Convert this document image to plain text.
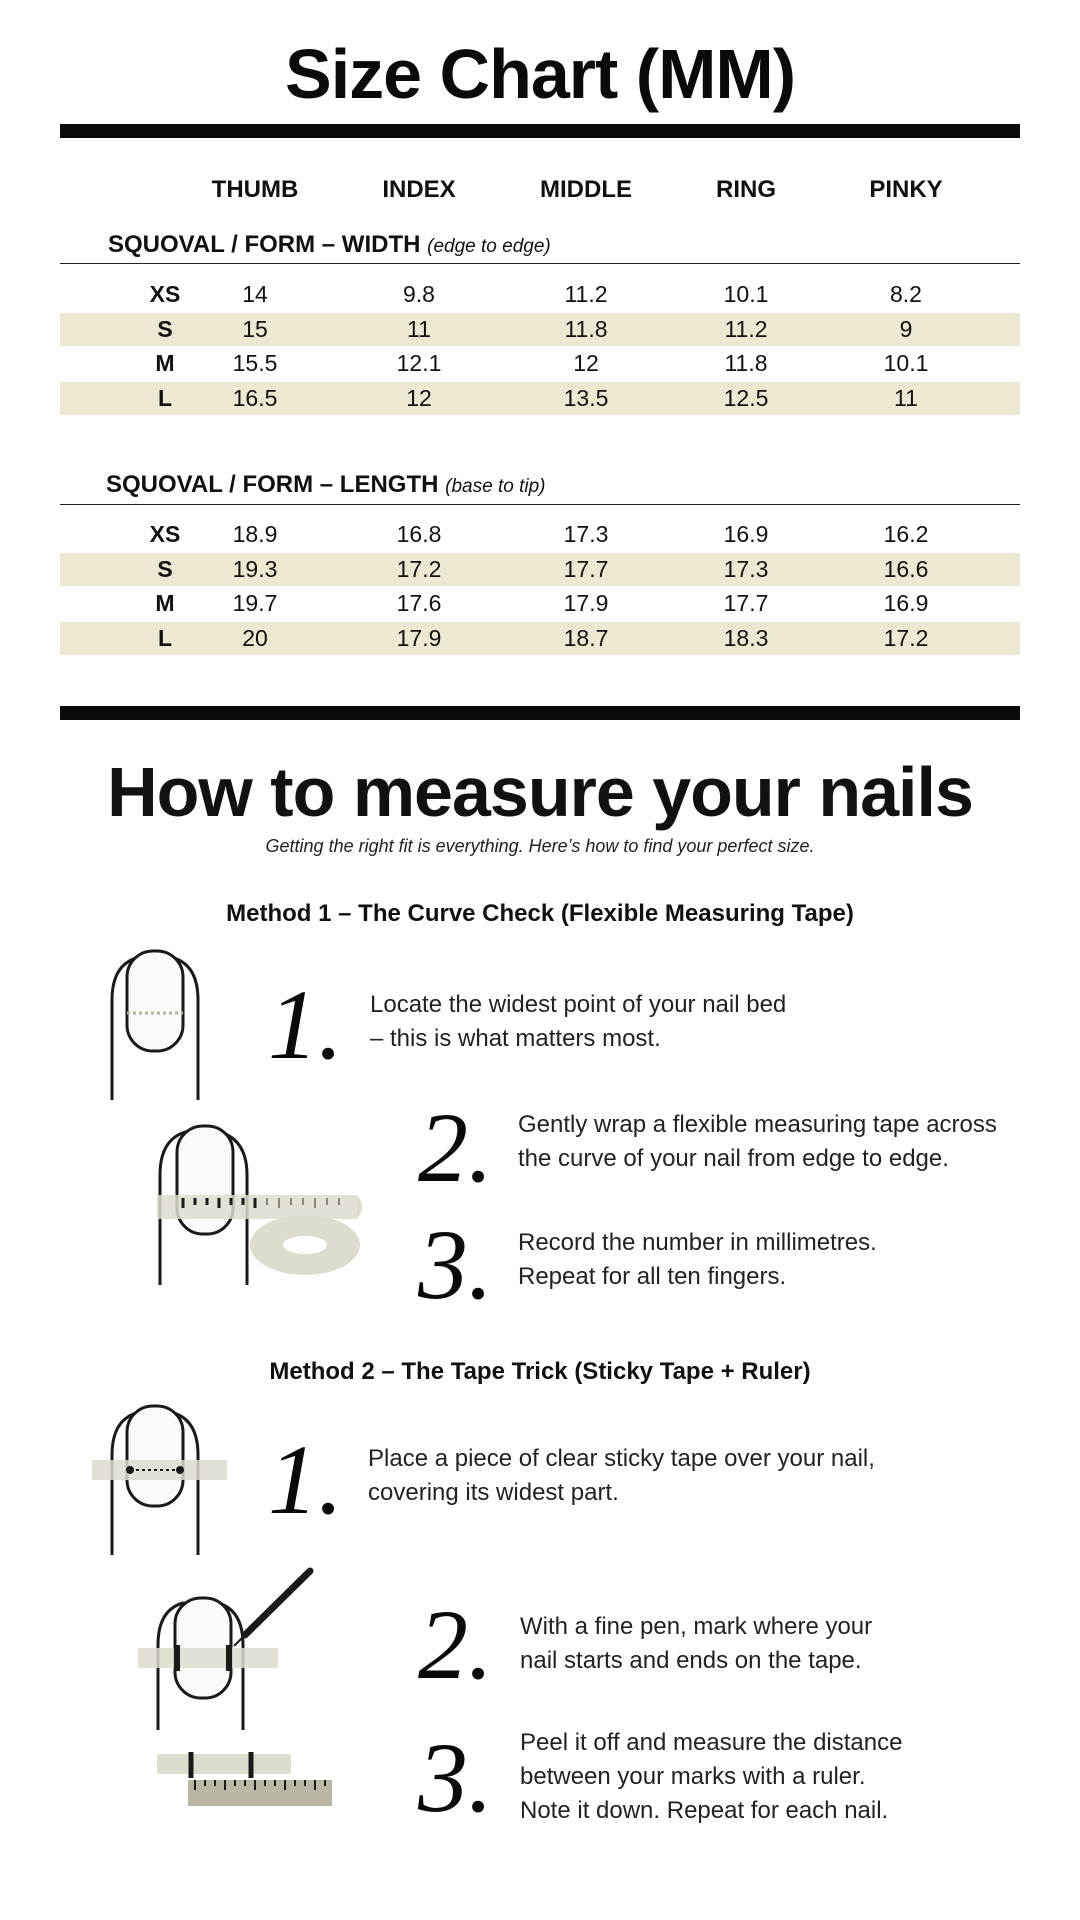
Size Chart (MM)
THUMB	INDEX	MIDDLE	RING	PINKY
SQUOVAL / FORM – WIDTH (edge to edge)
XS	14	9.8	11.2	10.1	8.2
S	15	11	11.8	11.2	9
M	15.5	12.1	12	11.8	10.1
L	16.5	12	13.5	12.5	11
SQUOVAL / FORM – LENGTH (base to tip)
XS	18.9	16.8	17.3	16.9	16.2
S	19.3	17.2	17.7	17.3	16.6
M	19.7	17.6	17.9	17.7	16.9
L	20	17.9	18.7	18.3	17.2
How to measure your nails
Getting the right fit is everything. Here’s how to find your perfect size.
Method 1 – The Curve Check (Flexible Measuring Tape)
1. Locate the widest point of your nail bed
– this is what matters most.
2. Gently wrap a flexible measuring tape across
the curve of your nail from edge to edge.
3. Record the number in millimetres.
Repeat for all ten fingers.
Method 2 – The Tape Trick (Sticky Tape + Ruler)
1. Place a piece of clear sticky tape over your nail,
covering its widest part.
2. With a fine pen, mark where your
nail starts and ends on the tape.
3. Peel it off and measure the distance
between your marks with a ruler.
Note it down. Repeat for each nail.
